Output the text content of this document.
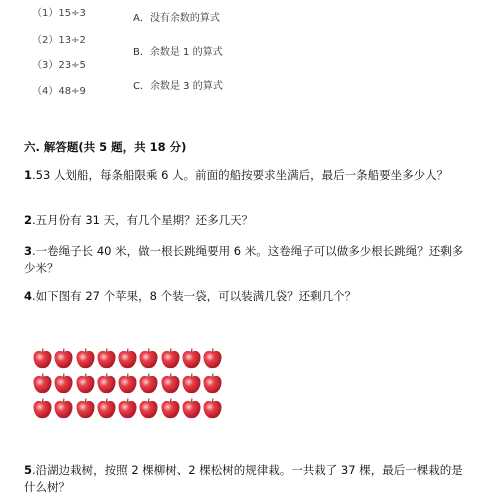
（1）15÷3
（2）13÷2
（3）23÷5
（4）48÷9
A．没有余数的算式
B．余数是 1 的算式
C．余数是 3 的算式
六. 解答题(共 5 题，共 18 分)
1.53 人划船，每条船限乘 6 人。前面的船按要求坐满后，最后一条船要坐多少人？
2.五月份有 31 天，有几个星期？还多几天？
3.一卷绳子长 40 米，做一根长跳绳要用 6 米。这卷绳子可以做多少根长跳绳？还剩多少米？
4.如下图有 27 个苹果，8 个装一袋，可以装满几袋？还剩几个？
5.沿湖边栽树，按照 2 棵柳树、2 棵松树的规律栽。一共栽了 37 棵，最后一棵栽的是什么树？
